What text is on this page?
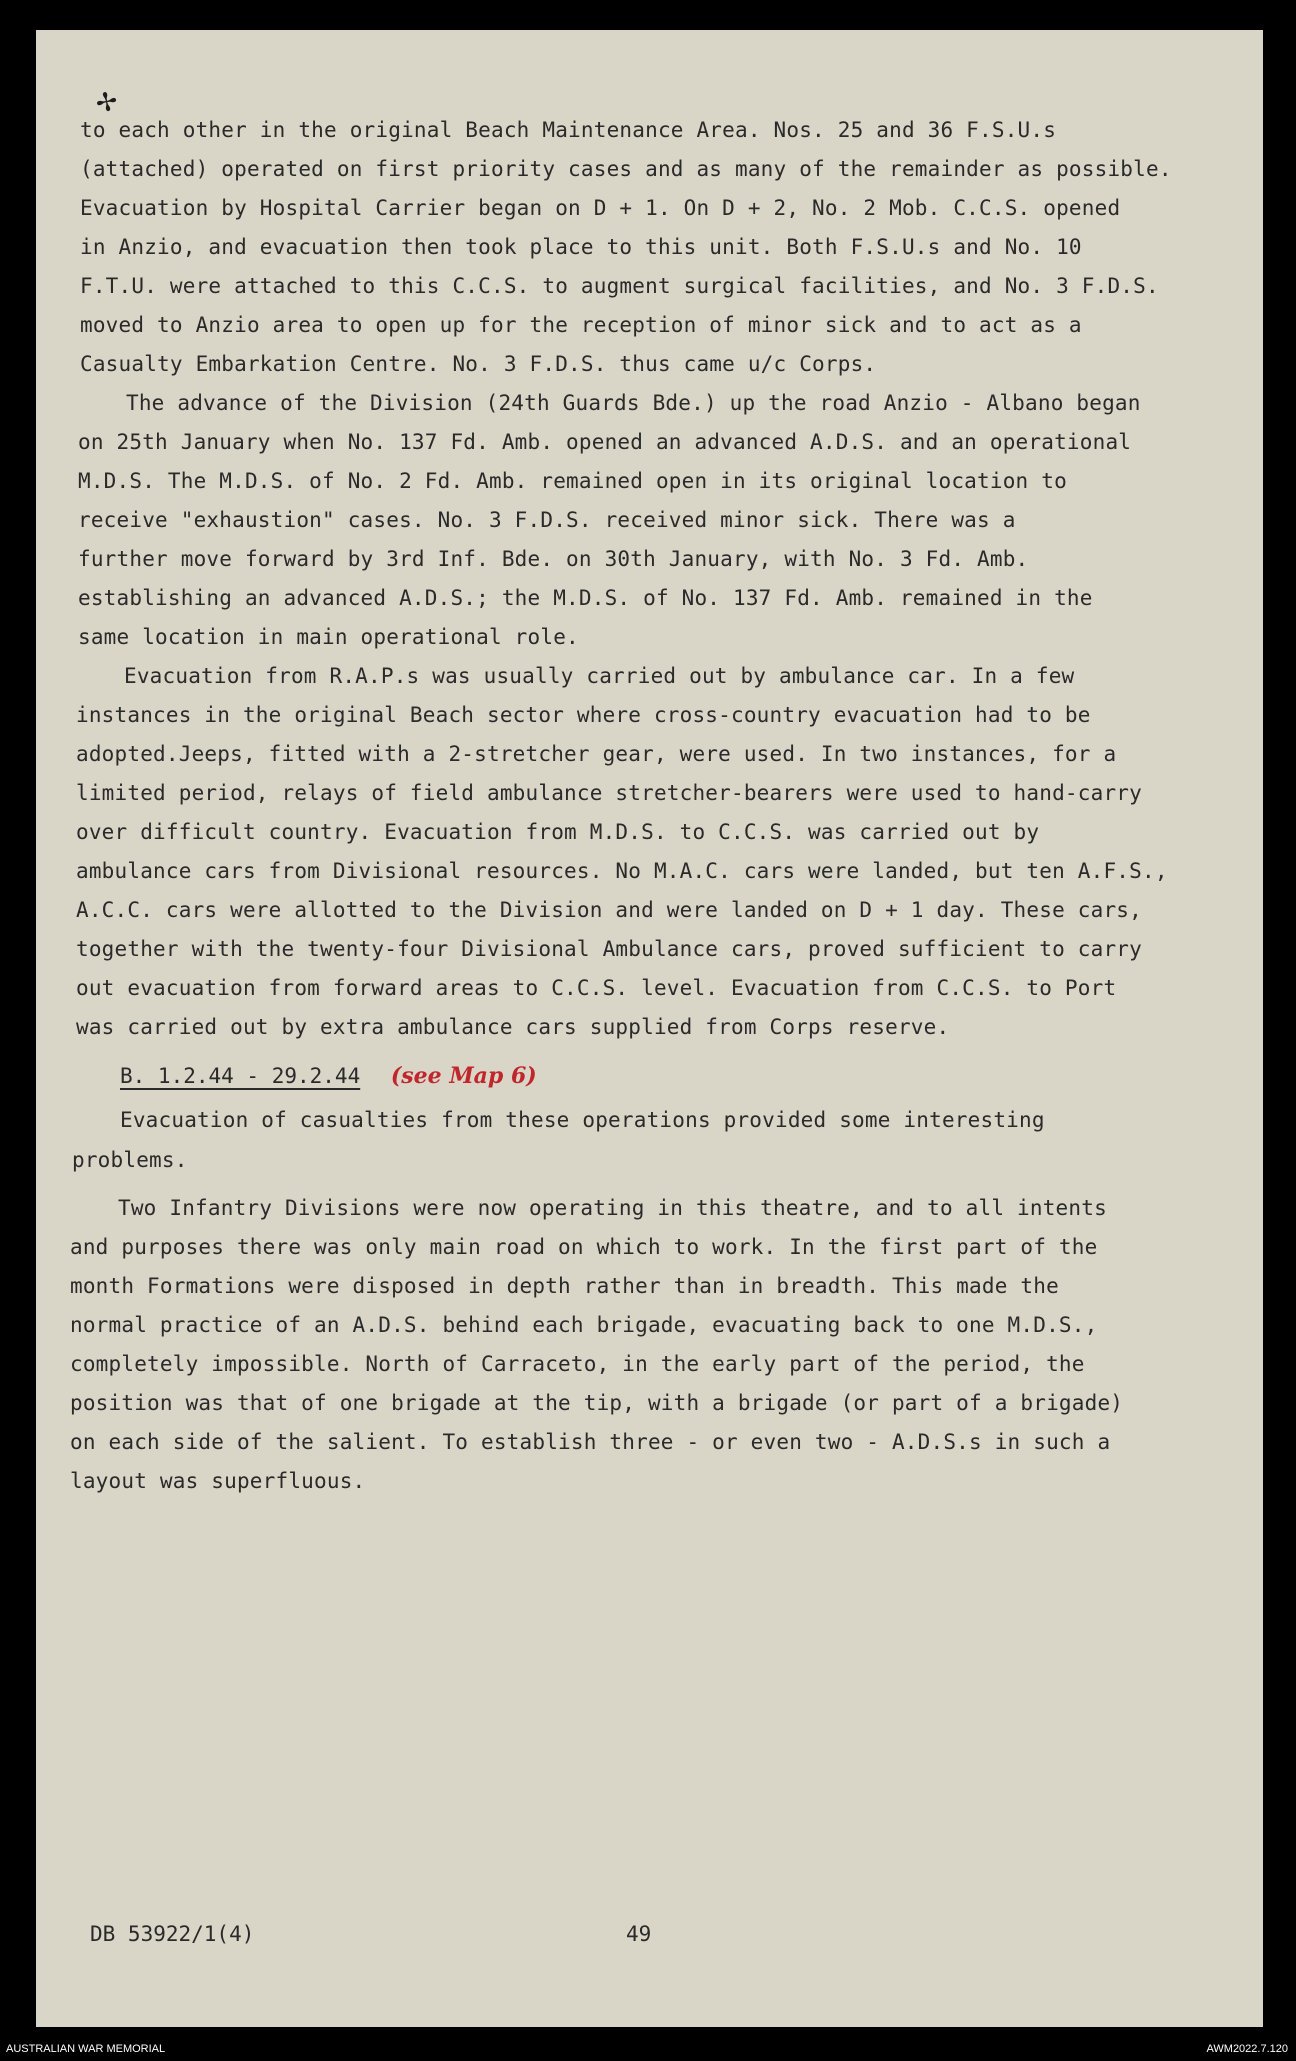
✢
to each other in the original Beach Maintenance Area. Nos. 25 and 36 F.S.U.s
(attached) operated on first priority cases and as many of the remainder as possible.
Evacuation by Hospital Carrier began on D + 1. On D + 2, No. 2 Mob. C.C.S. opened
in Anzio, and evacuation then took place to this unit. Both F.S.U.s and No. 10
F.T.U. were attached to this C.C.S. to augment surgical facilities, and No. 3 F.D.S.
moved to Anzio area to open up for the reception of minor sick and to act as a
Casualty Embarkation Centre. No. 3 F.D.S. thus came u/c Corps.
The advance of the Division (24th Guards Bde.) up the road Anzio - Albano began
on 25th January when No. 137 Fd. Amb. opened an advanced A.D.S. and an operational
M.D.S. The M.D.S. of No. 2 Fd. Amb. remained open in its original location to
receive "exhaustion" cases. No. 3 F.D.S. received minor sick. There was a
further move forward by 3rd Inf. Bde. on 30th January, with No. 3 Fd. Amb.
establishing an advanced A.D.S.; the M.D.S. of No. 137 Fd. Amb. remained in the
same location in main operational role.
Evacuation from R.A.P.s was usually carried out by ambulance car. In a few
instances in the original Beach sector where cross-country evacuation had to be
adopted.Jeeps, fitted with a 2-stretcher gear, were used. In two instances, for a
limited period, relays of field ambulance stretcher-bearers were used to hand-carry
over difficult country. Evacuation from M.D.S. to C.C.S. was carried out by
ambulance cars from Divisional resources. No M.A.C. cars were landed, but ten A.F.S.,
A.C.C. cars were allotted to the Division and were landed on D + 1 day. These cars,
together with the twenty-four Divisional Ambulance cars, proved sufficient to carry
out evacuation from forward areas to C.C.S. level. Evacuation from C.C.S. to Port
was carried out by extra ambulance cars supplied from Corps reserve.
B. 1.2.44 - 29.2.44 (see Map 6)
Evacuation of casualties from these operations provided some interesting
problems.
Two Infantry Divisions were now operating in this theatre, and to all intents
and purposes there was only main road on which to work. In the first part of the
month Formations were disposed in depth rather than in breadth. This made the
normal practice of an A.D.S. behind each brigade, evacuating back to one M.D.S.,
completely impossible. North of Carraceto, in the early part of the period, the
position was that of one brigade at the tip, with a brigade (or part of a brigade)
on each side of the salient. To establish three - or even two - A.D.S.s in such a
layout was superfluous.
DB 53922/1(4)	49
AUSTRALIAN WAR MEMORIAL	AWM2022.7.120
